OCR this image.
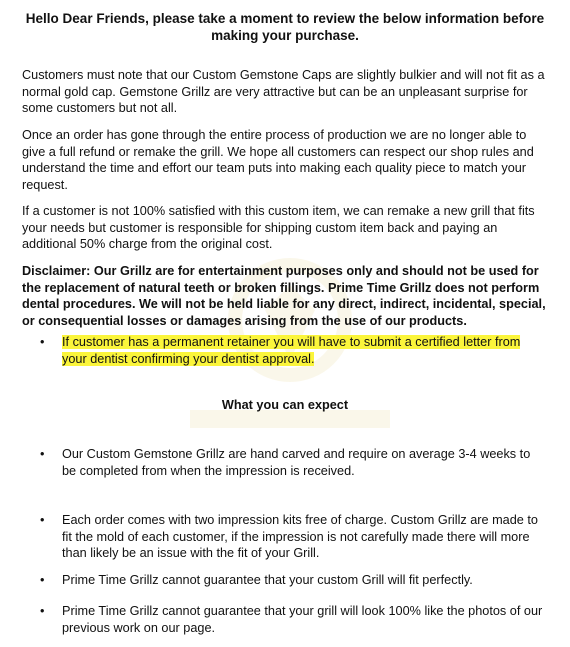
Hello Dear Friends, please take a moment to review the below information before making your purchase.

Customers must note that our Custom Gemstone Caps are slightly bulkier and will not fit as a normal gold cap. Gemstone Grillz are very attractive but can be an unpleasant surprise for some customers but not all.

Once an order has gone through the entire process of production we are no longer able to give a full refund or remake the grill. We hope all customers can respect our shop rules and understand the time and effort our team puts into making each quality piece to match your request.

If a customer is not 100% satisfied with this custom item, we can remake a new grill that fits your needs but customer is responsible for shipping custom item back and paying an additional 50% charge from the original cost.

Disclaimer: Our Grillz are for entertainment purposes only and should not be used for the replacement of natural teeth or broken fillings. Prime Time Grillz does not perform dental procedures. We will not be held liable for any direct, indirect, incidental, special, or consequential losses or damages arising from the use of our products.

•	If customer has a permanent retainer you will have to submit a certified letter from your dentist confirming your dentist approval.
What you can expect
•	Our Custom Gemstone Grillz are hand carved and require on average 3-4 weeks to be completed from when the impression is received.
•	Each order comes with two impression kits free of charge. Custom Grillz are made to fit the mold of each customer, if the impression is not carefully made there will more than likely be an issue with the fit of your Grill.
•	Prime Time Grillz cannot guarantee that your custom Grill will fit perfectly.
•	Prime Time Grillz cannot guarantee that your grill will look 100% like the photos of our previous work on our page.
